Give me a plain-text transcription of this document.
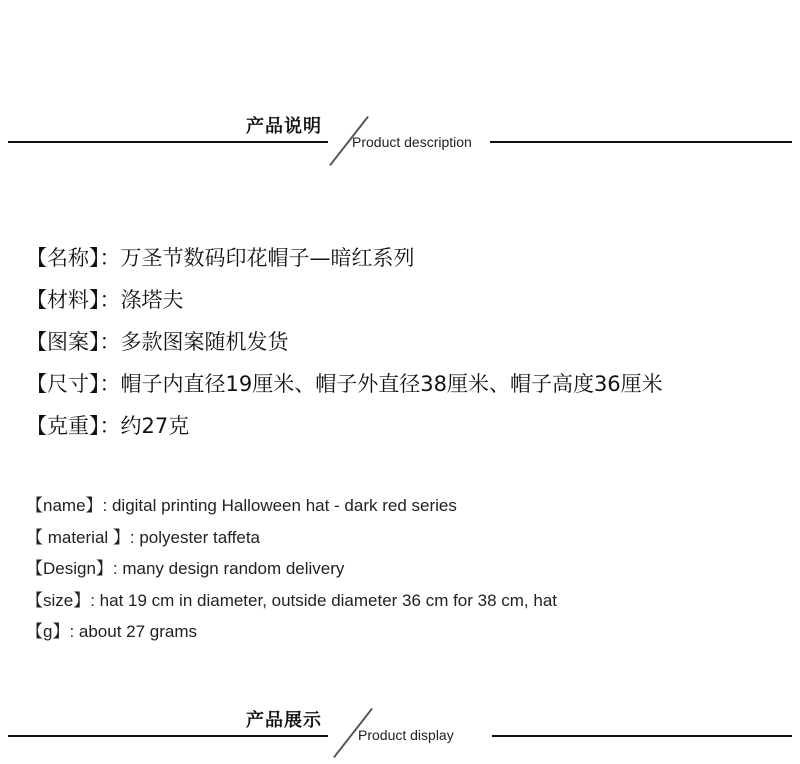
产品说明
Product description
【名称】：万圣节数码印花帽子—暗红系列
【材料】：涤塔夫
【图案】：多款图案随机发货
【尺寸】：帽子内直径19厘米、帽子外直径38厘米、帽子高度36厘米
【克重】：约27克
【name】: digital printing Halloween hat - dark red series
【 material 】: polyester taffeta
【Design】: many design random delivery
【size】: hat 19 cm in diameter, outside diameter 36 cm for 38 cm, hat
【g】: about 27 grams
产品展示
Product display
